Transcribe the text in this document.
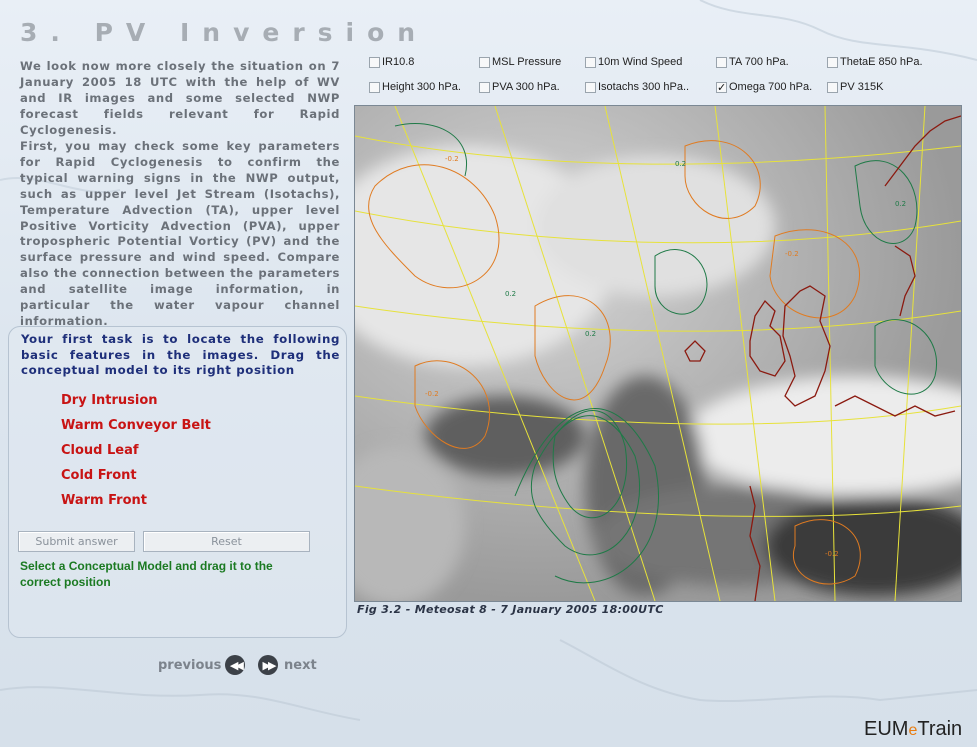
3. PV Inversion
We look now more closely the situation on 7 January 2005 18 UTC with the help of WV and IR images and some selected NWP forecast fields relevant for Rapid Cyclogenesis.
First, you may check some key parameters for Rapid Cyclogenesis to confirm the typical warning signs in the NWP output, such as upper level Jet Stream (Isotachs), Temperature Advection (TA), upper level Positive Vorticity Advection (PVA), upper tropospheric Potential Vorticy (PV) and the surface pressure and wind speed. Compare also the connection between the parameters and satellite image information, in particular the water vapour channel information.
Your first task is to locate the following basic features in the images. Drag the conceptual model to its right position
Dry Intrusion
Warm Conveyor Belt
Cloud Leaf
Cold Front
Warm Front
Submit answer	Reset
Select a Conceptual Model and drag it to the correct position
IR10.8	MSL Pressure	10m Wind Speed	TA 700 hPa.	ThetaE 850 hPa.
Height 300 hPa.	PVA 300 hPa.	Isotachs 300 hPa..	✓ Omega 700 hPa.	PV 315K
-0.2
0.2
0.2
-0.2
0.2
-0.2
0.2
-0.2
Fig 3.2 - Meteosat 8 - 7 January 2005 18:00UTC
previous ◀◀	▶▶ next
EUMeTrain
